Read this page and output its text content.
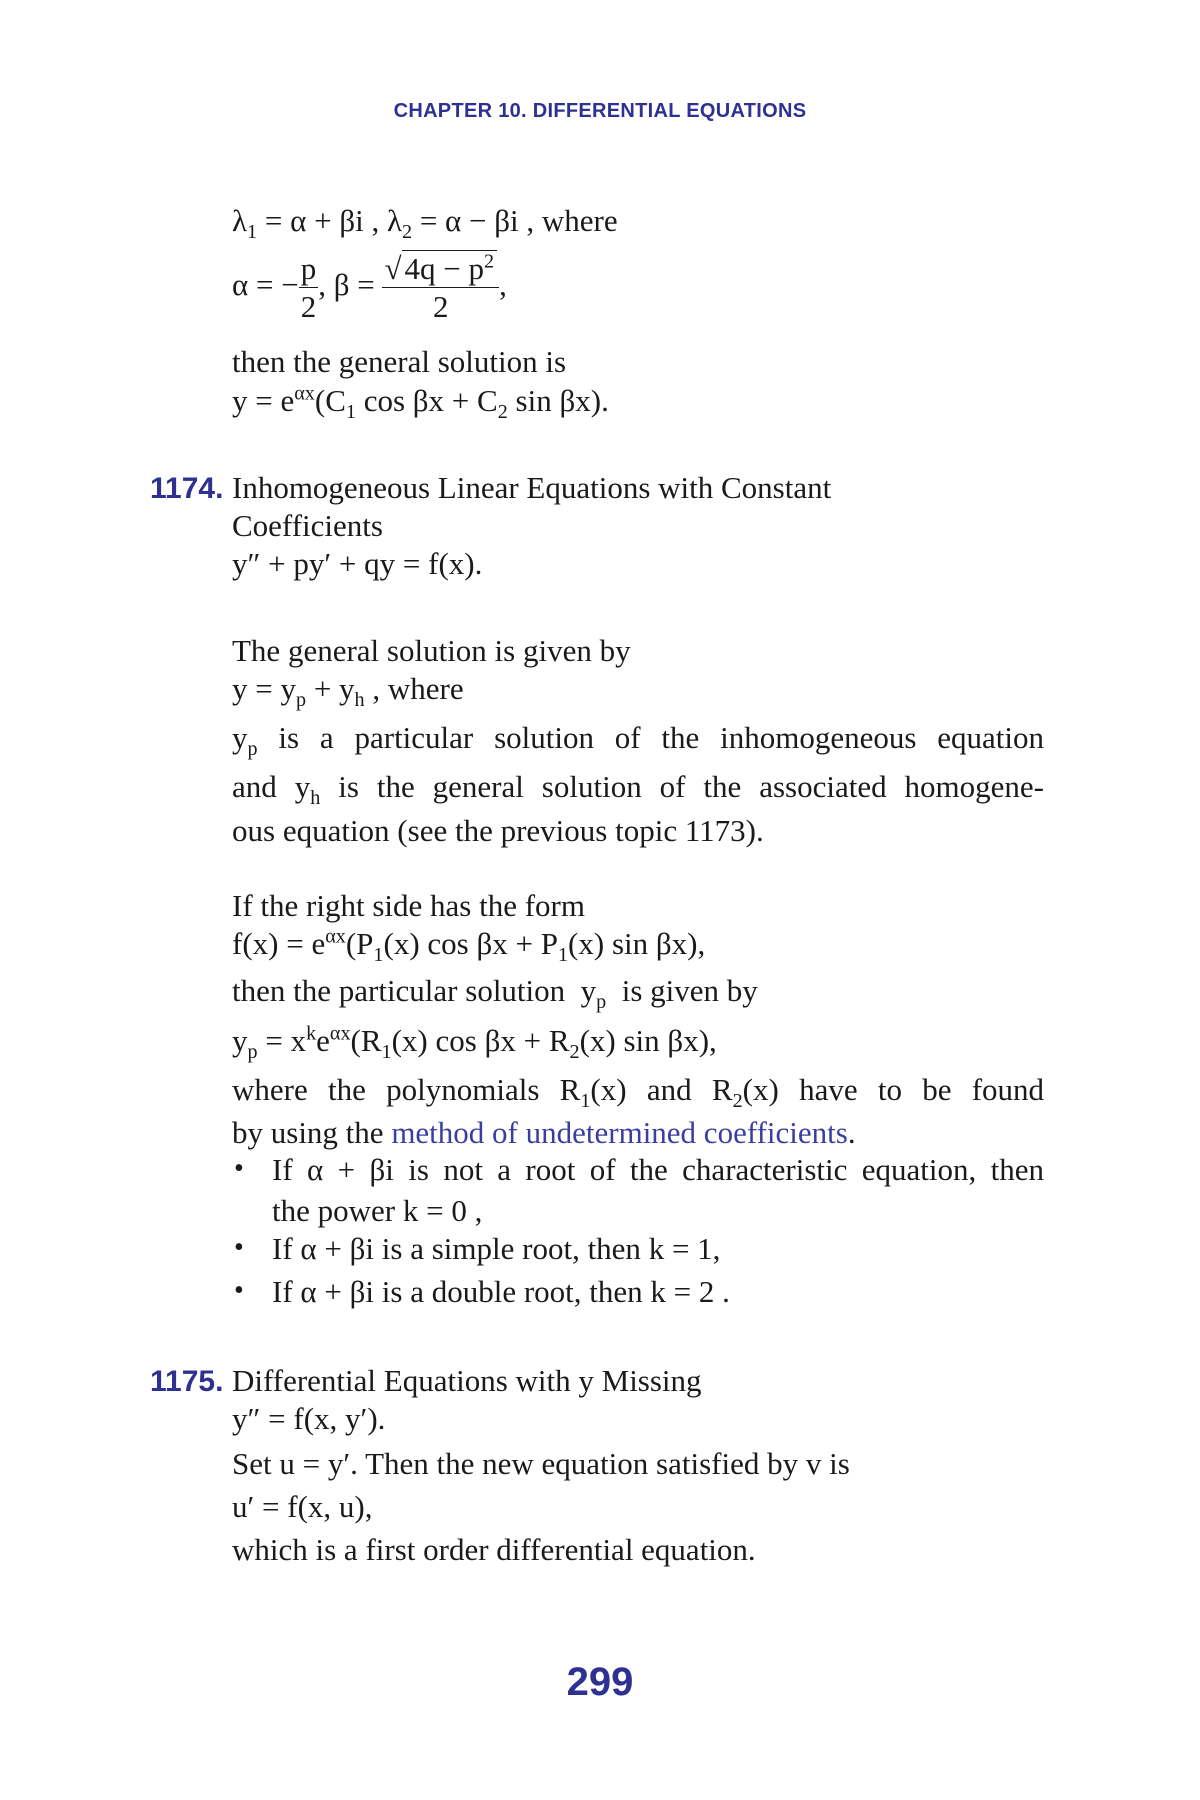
CHAPTER 10. DIFFERENTIAL EQUATIONS
$\lambda_1 = \alpha + \beta i$ , $\lambda_2 = \alpha - \beta i$ , where
α = − $\frac{p}{2}$ , $\beta = \frac{√4q - p^2}{2}$ ,
then the general solution is
$y = e^{\alpha x}(C_1$ $\cos \beta x + C_2$ sin βx).
1174. Inhomogeneous Linear Equations with Constant
Coefficients
y″ + py′ + qy = f(x).
The general solution is given by
$y = y_p + y_h$ , where
$y_p$ is a particular solution of the inhomogeneous equation
and $y_h$ is the general solution of the associated homogene-
ous equation (see the previous topic 1173).
If the right side has the form
$f(x) = e^{\alpha x}(P_1(x)$ $\cos \beta x + P_1(x)$ sin βx),
then the particular solution $y_p$ is given by
$y_p = x^ke^{\alpha x}(R_1(x)$ $\cos \beta x + R_2(x)$ sin βx),
where the polynomials $R_1(x)$ and $R_2(x)$ have to be found
by using the method of undetermined coefficients.
• If α + βi is not a root of the characteristic equation, then
the power k = 0 ,
• If α + βi is a simple root, then k = 1,
• If α + βi is a double root, then k = 2 .
1175. Differential Equations with y Missing
y″ = f(x, y′).
Set u = y′. Then the new equation satisfied by v is
u′ = f(x, u),
which is a first order differential equation.
299
